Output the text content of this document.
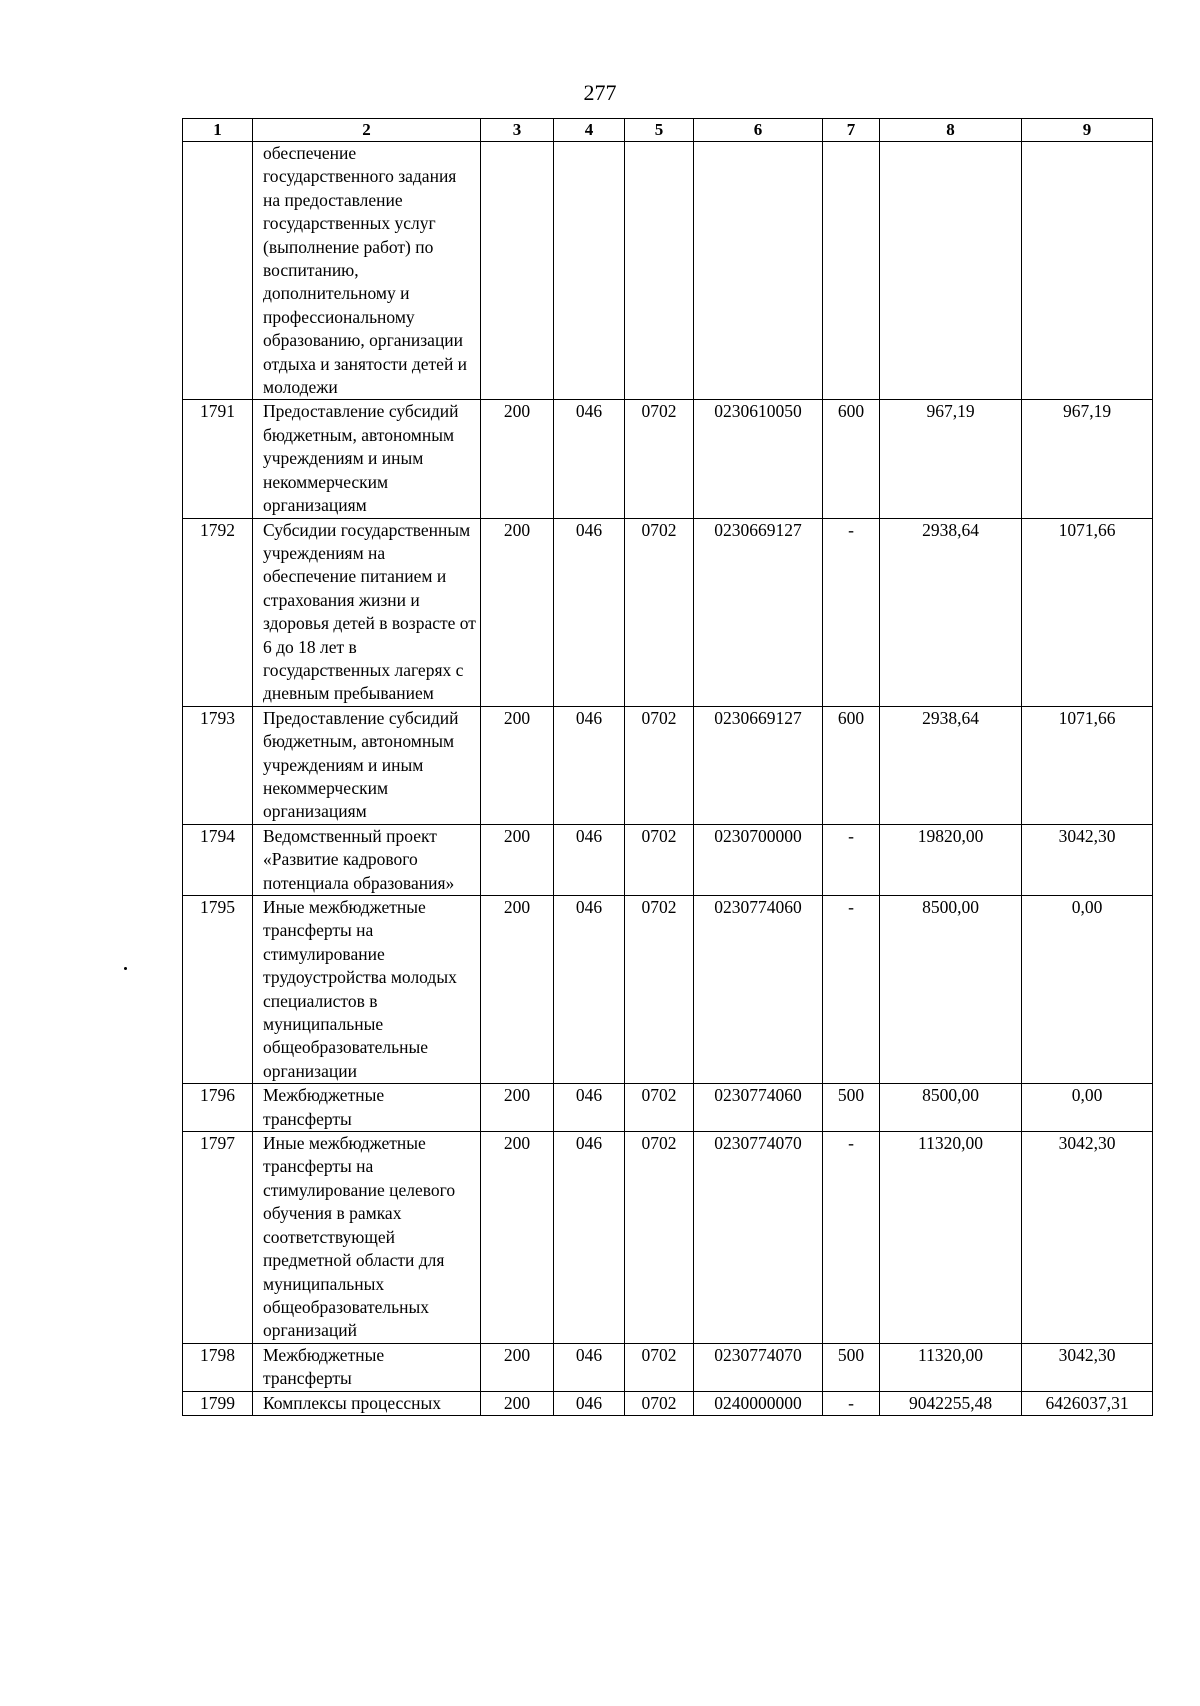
277
1	2	3	4	5	6	7	8	9
	обеспечение государственного задания на предоставление государственных услуг (выполнение работ) по воспитанию, дополнительному и профессиональному образованию, организации отдыха и занятости детей и молодежи							
1791	Предоставление субсидий бюджетным, автономным учреждениям и иным некоммерческим организациям	200	046	0702	0230610050	600	967,19	967,19
1792	Субсидии государственным учреждениям на обеспечение питанием и страхования жизни и здоровья детей в возрасте от 6 до 18 лет в государственных лагерях с дневным пребыванием	200	046	0702	0230669127	-	2938,64	1071,66
1793	Предоставление субсидий бюджетным, автономным учреждениям и иным некоммерческим организациям	200	046	0702	0230669127	600	2938,64	1071,66
1794	Ведомственный проект «Развитие кадрового потенциала образования»	200	046	0702	0230700000	-	19820,00	3042,30
1795	Иные межбюджетные трансферты на стимулирование трудоустройства молодых специалистов в муниципальные общеобразовательные организации	200	046	0702	0230774060	-	8500,00	0,00
1796	Межбюджетные трансферты	200	046	0702	0230774060	500	8500,00	0,00
1797	Иные межбюджетные трансферты на стимулирование целевого обучения в рамках соответствующей предметной области для муниципальных общеобразовательных организаций	200	046	0702	0230774070	-	11320,00	3042,30
1798	Межбюджетные трансферты	200	046	0702	0230774070	500	11320,00	3042,30
1799	Комплексы процессных	200	046	0702	0240000000	-	9042255,48	6426037,31
